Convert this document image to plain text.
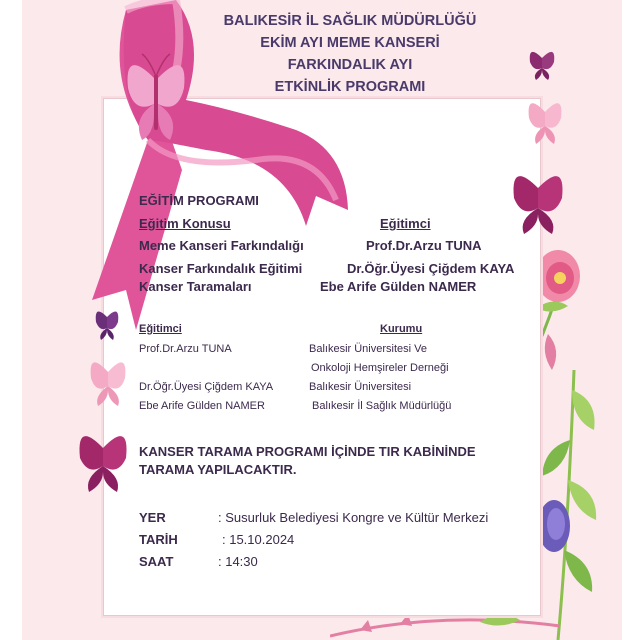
BALIKESİR İL SAĞLIK MÜDÜRLÜĞÜ
EKİM AYI MEME KANSERİ
FARKINDALIK AYI
ETKİNLİK PROGRAMI
EĞİTİM PROGRAMI
Eğitim Konusu	Eğitimci
Meme Kanseri Farkındalığı	Prof.Dr.Arzu TUNA
Kanser Farkındalık Eğitimi	Dr.Öğr.Üyesi Çiğdem KAYA
Kanser Taramaları	Ebe Arife Gülden NAMER
Eğitimci	Kurumu
Prof.Dr.Arzu TUNA	Balıkesir Üniversitesi Ve
Onkoloji Hemşireler Derneği
Dr.Öğr.Üyesi Çiğdem KAYA	Balıkesir Üniversitesi
Ebe Arife Gülden NAMER	Balıkesir İl Sağlık Müdürlüğü
KANSER TARAMA PROGRAMI İÇİNDE TIR KABİNİNDE
TARAMA YAPILACAKTIR.
YER	: Susurluk Belediyesi Kongre ve Kültür Merkezi
TARİH	: 15.10.2024
SAAT	: 14:30
